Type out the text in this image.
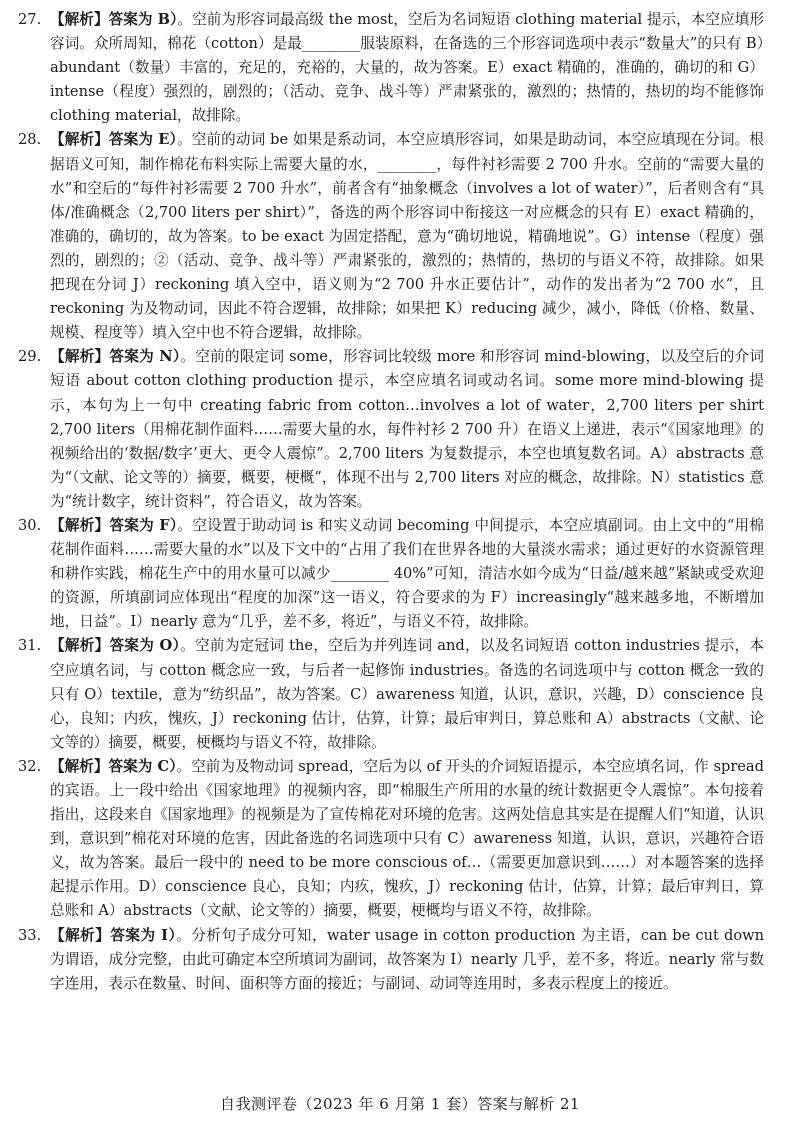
27. 【解析】答案为 B）。空前为形容词最高级 the most，空后为名词短语 clothing material 提示，本空应填形容词。众所周知，棉花（cotton）是最________服装原料，在备选的三个形容词选项中表示“数量大”的只有 B）abundant（数量）丰富的，充足的，充裕的，大量的，故为答案。E）exact 精确的，准确的，确切的和 G）intense（程度）强烈的，剧烈的；（活动、竞争、战斗等）严肃紧张的，激烈的；热情的，热切的均不能修饰 clothing material，故排除。

28. 【解析】答案为 E）。空前的动词 be 如果是系动词，本空应填形容词，如果是助动词，本空应填现在分词。根据语义可知，制作棉花布料实际上需要大量的水，________，每件衬衫需要 2 700 升水。空前的“需要大量的水”和空后的“每件衬衫需要 2 700 升水”，前者含有“抽象概念（involves a lot of water）”，后者则含有“具体/准确概念（2,700 liters per shirt）”，备选的两个形容词中衔接这一对应概念的只有 E）exact 精确的，准确的，确切的，故为答案。to be exact 为固定搭配，意为“确切地说，精确地说”。G）intense（程度）强烈的，剧烈的；②（活动、竞争、战斗等）严肃紧张的，激烈的；热情的，热切的与语义不符，故排除。如果把现在分词 J）reckoning 填入空中，语义则为“2 700 升水正要估计”，动作的发出者为“2 700 水”，且 reckoning 为及物动词，因此不符合逻辑，故排除；如果把 K）reducing 减少，减小，降低（价格、数量、规模、程度等）填入空中也不符合逻辑，故排除。

29. 【解析】答案为 N）。空前的限定词 some，形容词比较级 more 和形容词 mind-blowing，以及空后的介词短语 about cotton clothing production 提示，本空应填名词或动名词。some more mind-blowing 提示，本句为上一句中 creating fabric from cotton…involves a lot of water，2,700 liters per shirt 2,700 liters（用棉花制作面料……需要大量的水，每件衬衫 2 700 升）在语义上递进，表示“《国家地理》的视频给出的‘数据/数字’更大、更令人震惊”。2,700 liters 为复数提示，本空也填复数名词。A）abstracts 意为“（文献、论文等的）摘要，概要，梗概”，体现不出与 2,700 liters 对应的概念，故排除。N）statistics 意为“统计数字，统计资料”，符合语义，故为答案。

30. 【解析】答案为 F）。空设置于助动词 is 和实义动词 becoming 中间提示，本空应填副词。由上文中的“用棉花制作面料……需要大量的水”以及下文中的“占用了我们在世界各地的大量淡水需求；通过更好的水资源管理和耕作实践，棉花生产中的用水量可以减少________ 40%”可知，清洁水如今成为“日益/越来越”紧缺或受欢迎的资源，所填副词应体现出“程度的加深”这一语义，符合要求的为 F）increasingly“越来越多地，不断增加地，日益”。I）nearly 意为“几乎，差不多，将近”，与语义不符，故排除。

31. 【解析】答案为 O）。空前为定冠词 the，空后为并列连词 and，以及名词短语 cotton industries 提示，本空应填名词，与 cotton 概念应一致，与后者一起修饰 industries。备选的名词选项中与 cotton 概念一致的只有 O）textile，意为“纺织品”，故为答案。C）awareness 知道，认识，意识，兴趣，D）conscience 良心，良知；内疚，愧疚，J）reckoning 估计，估算，计算；最后审判日，算总账和 A）abstracts（文献、论文等的）摘要，概要，梗概均与语义不符，故排除。

32. 【解析】答案为 C）。空前为及物动词 spread，空后为以 of 开头的介词短语提示，本空应填名词，作 spread 的宾语。上一段中给出《国家地理》的视频内容，即“棉服生产所用的水量的统计数据更令人震惊”。本句接着指出，这段来自《国家地理》的视频是为了宣传棉花对环境的危害。这两处信息其实是在提醒人们“知道，认识到，意识到”棉花对环境的危害，因此备选的名词选项中只有 C）awareness 知道，认识，意识，兴趣符合语义，故为答案。最后一段中的 need to be more conscious of…（需要更加意识到……）对本题答案的选择起提示作用。D）conscience 良心，良知；内疚，愧疚，J）reckoning 估计，估算，计算；最后审判日，算总账和 A）abstracts（文献、论文等的）摘要，概要，梗概均与语义不符，故排除。

33. 【解析】答案为 I）。分析句子成分可知，water usage in cotton production 为主语，can be cut down 为谓语，成分完整，由此可确定本空所填词为副词，故答案为 I）nearly 几乎，差不多，将近。nearly 常与数字连用，表示在数量、时间、面积等方面的接近；与副词、动词等连用时，多表示程度上的接近。

自我测评卷（2023 年 6 月第 1 套）答案与解析 21
